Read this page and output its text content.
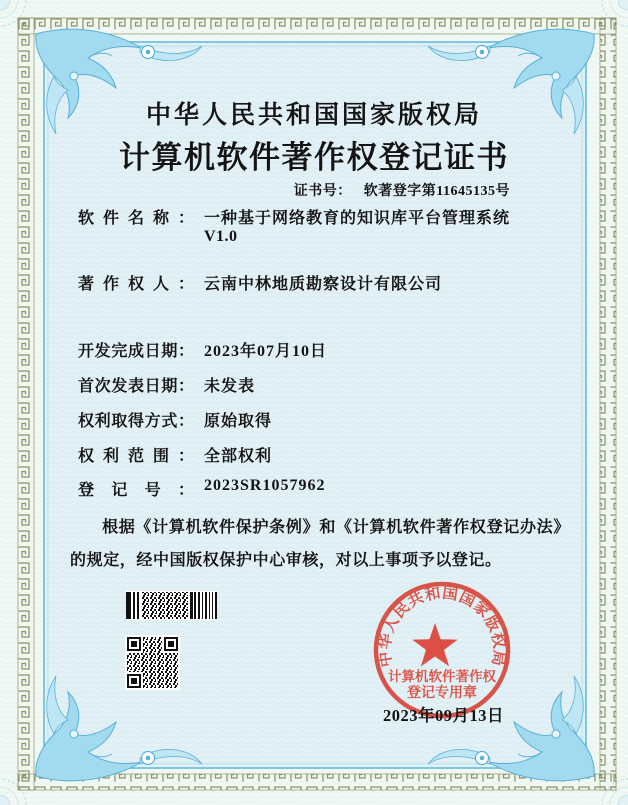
中华人民共和国国家版权局
计算机软件著作权登记证书
证书号： 软著登字第11645135号
软件名称： 一种基于网络教育的知识库平台管理系统
V1.0
著作权人： 云南中林地质勘察设计有限公司
开发完成日期： 2023年07月10日
首次发表日期： 未发表
权利取得方式： 原始取得
权利范围： 全部权利
登记号： 2023SR1057962
根据《计算机软件保护条例》和《计算机软件著作权登记办法》的规定，经中国版权保护中心审核，对以上事项予以登记。
中华人民共和国国家版权局
计算机软件著作权
登记专用章
2023年09月13日
